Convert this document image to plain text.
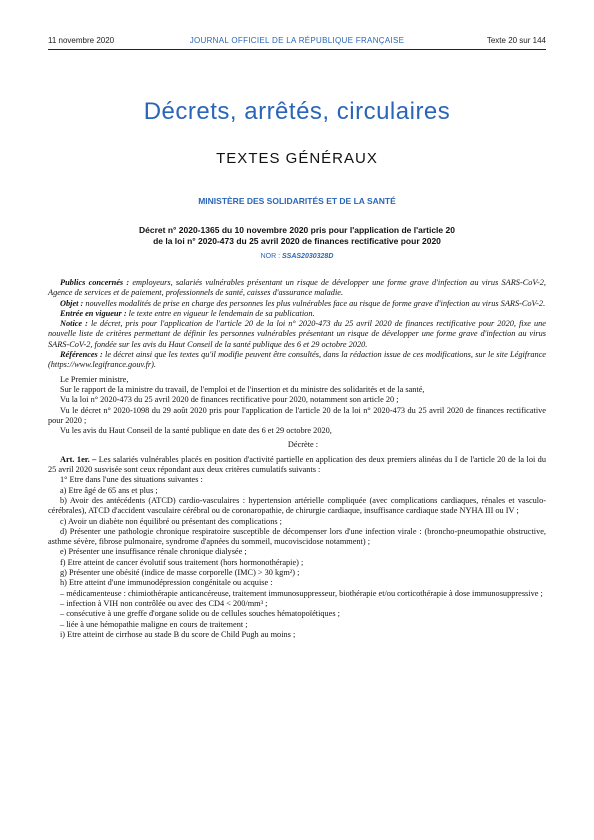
11 novembre 2020	JOURNAL OFFICIEL DE LA RÉPUBLIQUE FRANÇAISE	Texte 20 sur 144
Décrets, arrêtés, circulaires
TEXTES GÉNÉRAUX
MINISTÈRE DES SOLIDARITÉS ET DE LA SANTÉ
Décret n° 2020-1365 du 10 novembre 2020 pris pour l'application de l'article 20
de la loi n° 2020-473 du 25 avril 2020 de finances rectificative pour 2020
NOR : SSAS2030328D

Publics concernés : employeurs, salariés vulnérables présentant un risque de développer une forme grave d'infection au virus SARS-CoV-2, Agence de services et de paiement, professionnels de santé, caisses d'assurance maladie.

Objet : nouvelles modalités de prise en charge des personnes les plus vulnérables face au risque de forme grave d'infection au virus SARS-CoV-2.

Entrée en vigueur : le texte entre en vigueur le lendemain de sa publication.

Notice : le décret, pris pour l'application de l'article 20 de la loi n° 2020-473 du 25 avril 2020 de finances rectificative pour 2020, fixe une nouvelle liste de critères permettant de définir les personnes vulnérables présentant un risque de développer une forme grave d'infection au virus SARS-CoV-2, fondée sur les avis du Haut Conseil de la santé publique des 6 et 29 octobre 2020.

Références : le décret ainsi que les textes qu'il modifie peuvent être consultés, dans la rédaction issue de ces modifications, sur le site Légifrance (https://www.legifrance.gouv.fr).

Le Premier ministre,

Sur le rapport de la ministre du travail, de l'emploi et de l'insertion et du ministre des solidarités et de la santé,

Vu la loi n° 2020-473 du 25 avril 2020 de finances rectificative pour 2020, notamment son article 20 ;

Vu le décret n° 2020-1098 du 29 août 2020 pris pour l'application de l'article 20 de la loi n° 2020-473 du 25 avril 2020 de finances rectificative pour 2020 ;

Vu les avis du Haut Conseil de la santé publique en date des 6 et 29 octobre 2020,

Décrète :

Art. 1er. – Les salariés vulnérables placés en position d'activité partielle en application des deux premiers alinéas du I de l'article 20 de la loi du 25 avril 2020 susvisée sont ceux répondant aux deux critères cumulatifs suivants :

1° Etre dans l'une des situations suivantes :

a) Etre âgé de 65 ans et plus ;

b) Avoir des antécédents (ATCD) cardio-vasculaires : hypertension artérielle compliquée (avec complications cardiaques, rénales et vasculo-cérébrales), ATCD d'accident vasculaire cérébral ou de coronaropathie, de chirurgie cardiaque, insuffisance cardiaque stade NYHA III ou IV ;

c) Avoir un diabète non équilibré ou présentant des complications ;

d) Présenter une pathologie chronique respiratoire susceptible de décompenser lors d'une infection virale : (broncho-pneumopathie obstructive, asthme sévère, fibrose pulmonaire, syndrome d'apnées du sommeil, mucoviscidose notamment) ;

e) Présenter une insuffisance rénale chronique dialysée ;

f) Etre atteint de cancer évolutif sous traitement (hors hormonothérapie) ;

g) Présenter une obésité (indice de masse corporelle (IMC) > 30 kgm²) ;

h) Etre atteint d'une immunodépression congénitale ou acquise :

– médicamenteuse : chimiothérapie anticancéreuse, traitement immunosuppresseur, biothérapie et/ou corticothérapie à dose immunosuppressive ;

– infection à VIH non contrôlée ou avec des CD4 < 200/mm³ ;

– consécutive à une greffe d'organe solide ou de cellules souches hématopoïétiques ;

– liée à une hémopathie maligne en cours de traitement ;

i) Etre atteint de cirrhose au stade B du score de Child Pugh au moins ;
